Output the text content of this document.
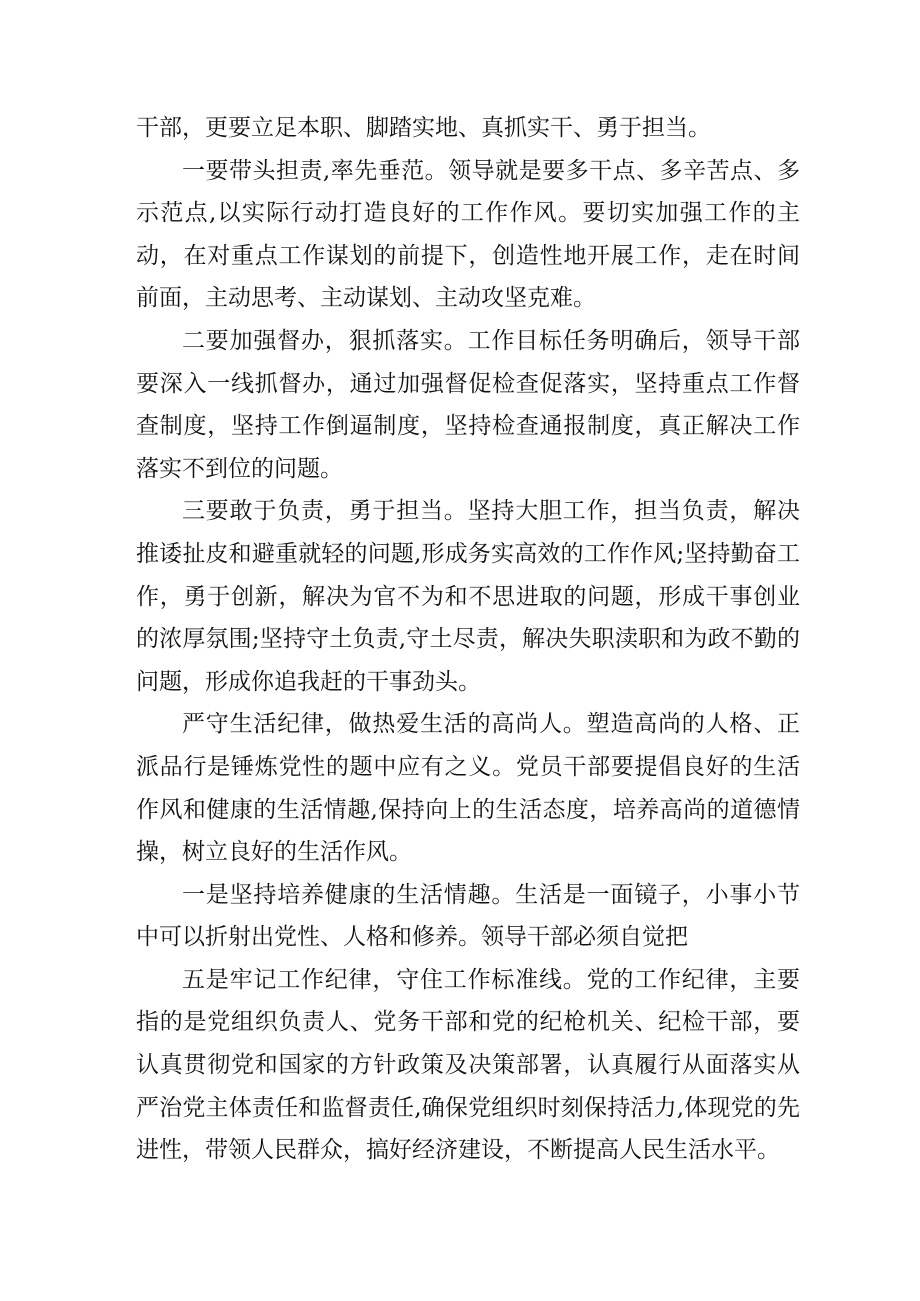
干部，更要立足本职、脚踏实地、真抓实干、勇于担当。

一要带头担责,率先垂范。领导就是要多干点、多辛苦点、多示范点,以实际行动打造良好的工作作风。要切实加强工作的主动，在对重点工作谋划的前提下，创造性地开展工作，走在时间前面，主动思考、主动谋划、主动攻坚克难。

二要加强督办，狠抓落实。工作目标任务明确后，领导干部要深入一线抓督办，通过加强督促检查促落实，坚持重点工作督查制度，坚持工作倒逼制度，坚持检查通报制度，真正解决工作落实不到位的问题。

三要敢于负责，勇于担当。坚持大胆工作，担当负责，解决推诿扯皮和避重就轻的问题,形成务实高效的工作作风;坚持勤奋工作，勇于创新，解决为官不为和不思进取的问题，形成干事创业的浓厚氛围;坚持守土负责,守土尽责，解决失职渎职和为政不勤的问题，形成你追我赶的干事劲头。

严守生活纪律，做热爱生活的高尚人。塑造高尚的人格、正派品行是锤炼党性的题中应有之义。党员干部要提倡良好的生活作风和健康的生活情趣,保持向上的生活态度，培养高尚的道德情操，树立良好的生活作风。

一是坚持培养健康的生活情趣。生活是一面镜子，小事小节中可以折射出党性、人格和修养。领导干部必须自觉把

五是牢记工作纪律，守住工作标准线。党的工作纪律，主要指的是党组织负责人、党务干部和党的纪枪机关、纪检干部，要认真贯彻党和国家的方针政策及决策部署，认真履行从面落实从严治党主体责任和监督责任,确保党组织时刻保持活力,体现党的先进性，带领人民群众，搞好经济建设，不断提高人民生活水平。
